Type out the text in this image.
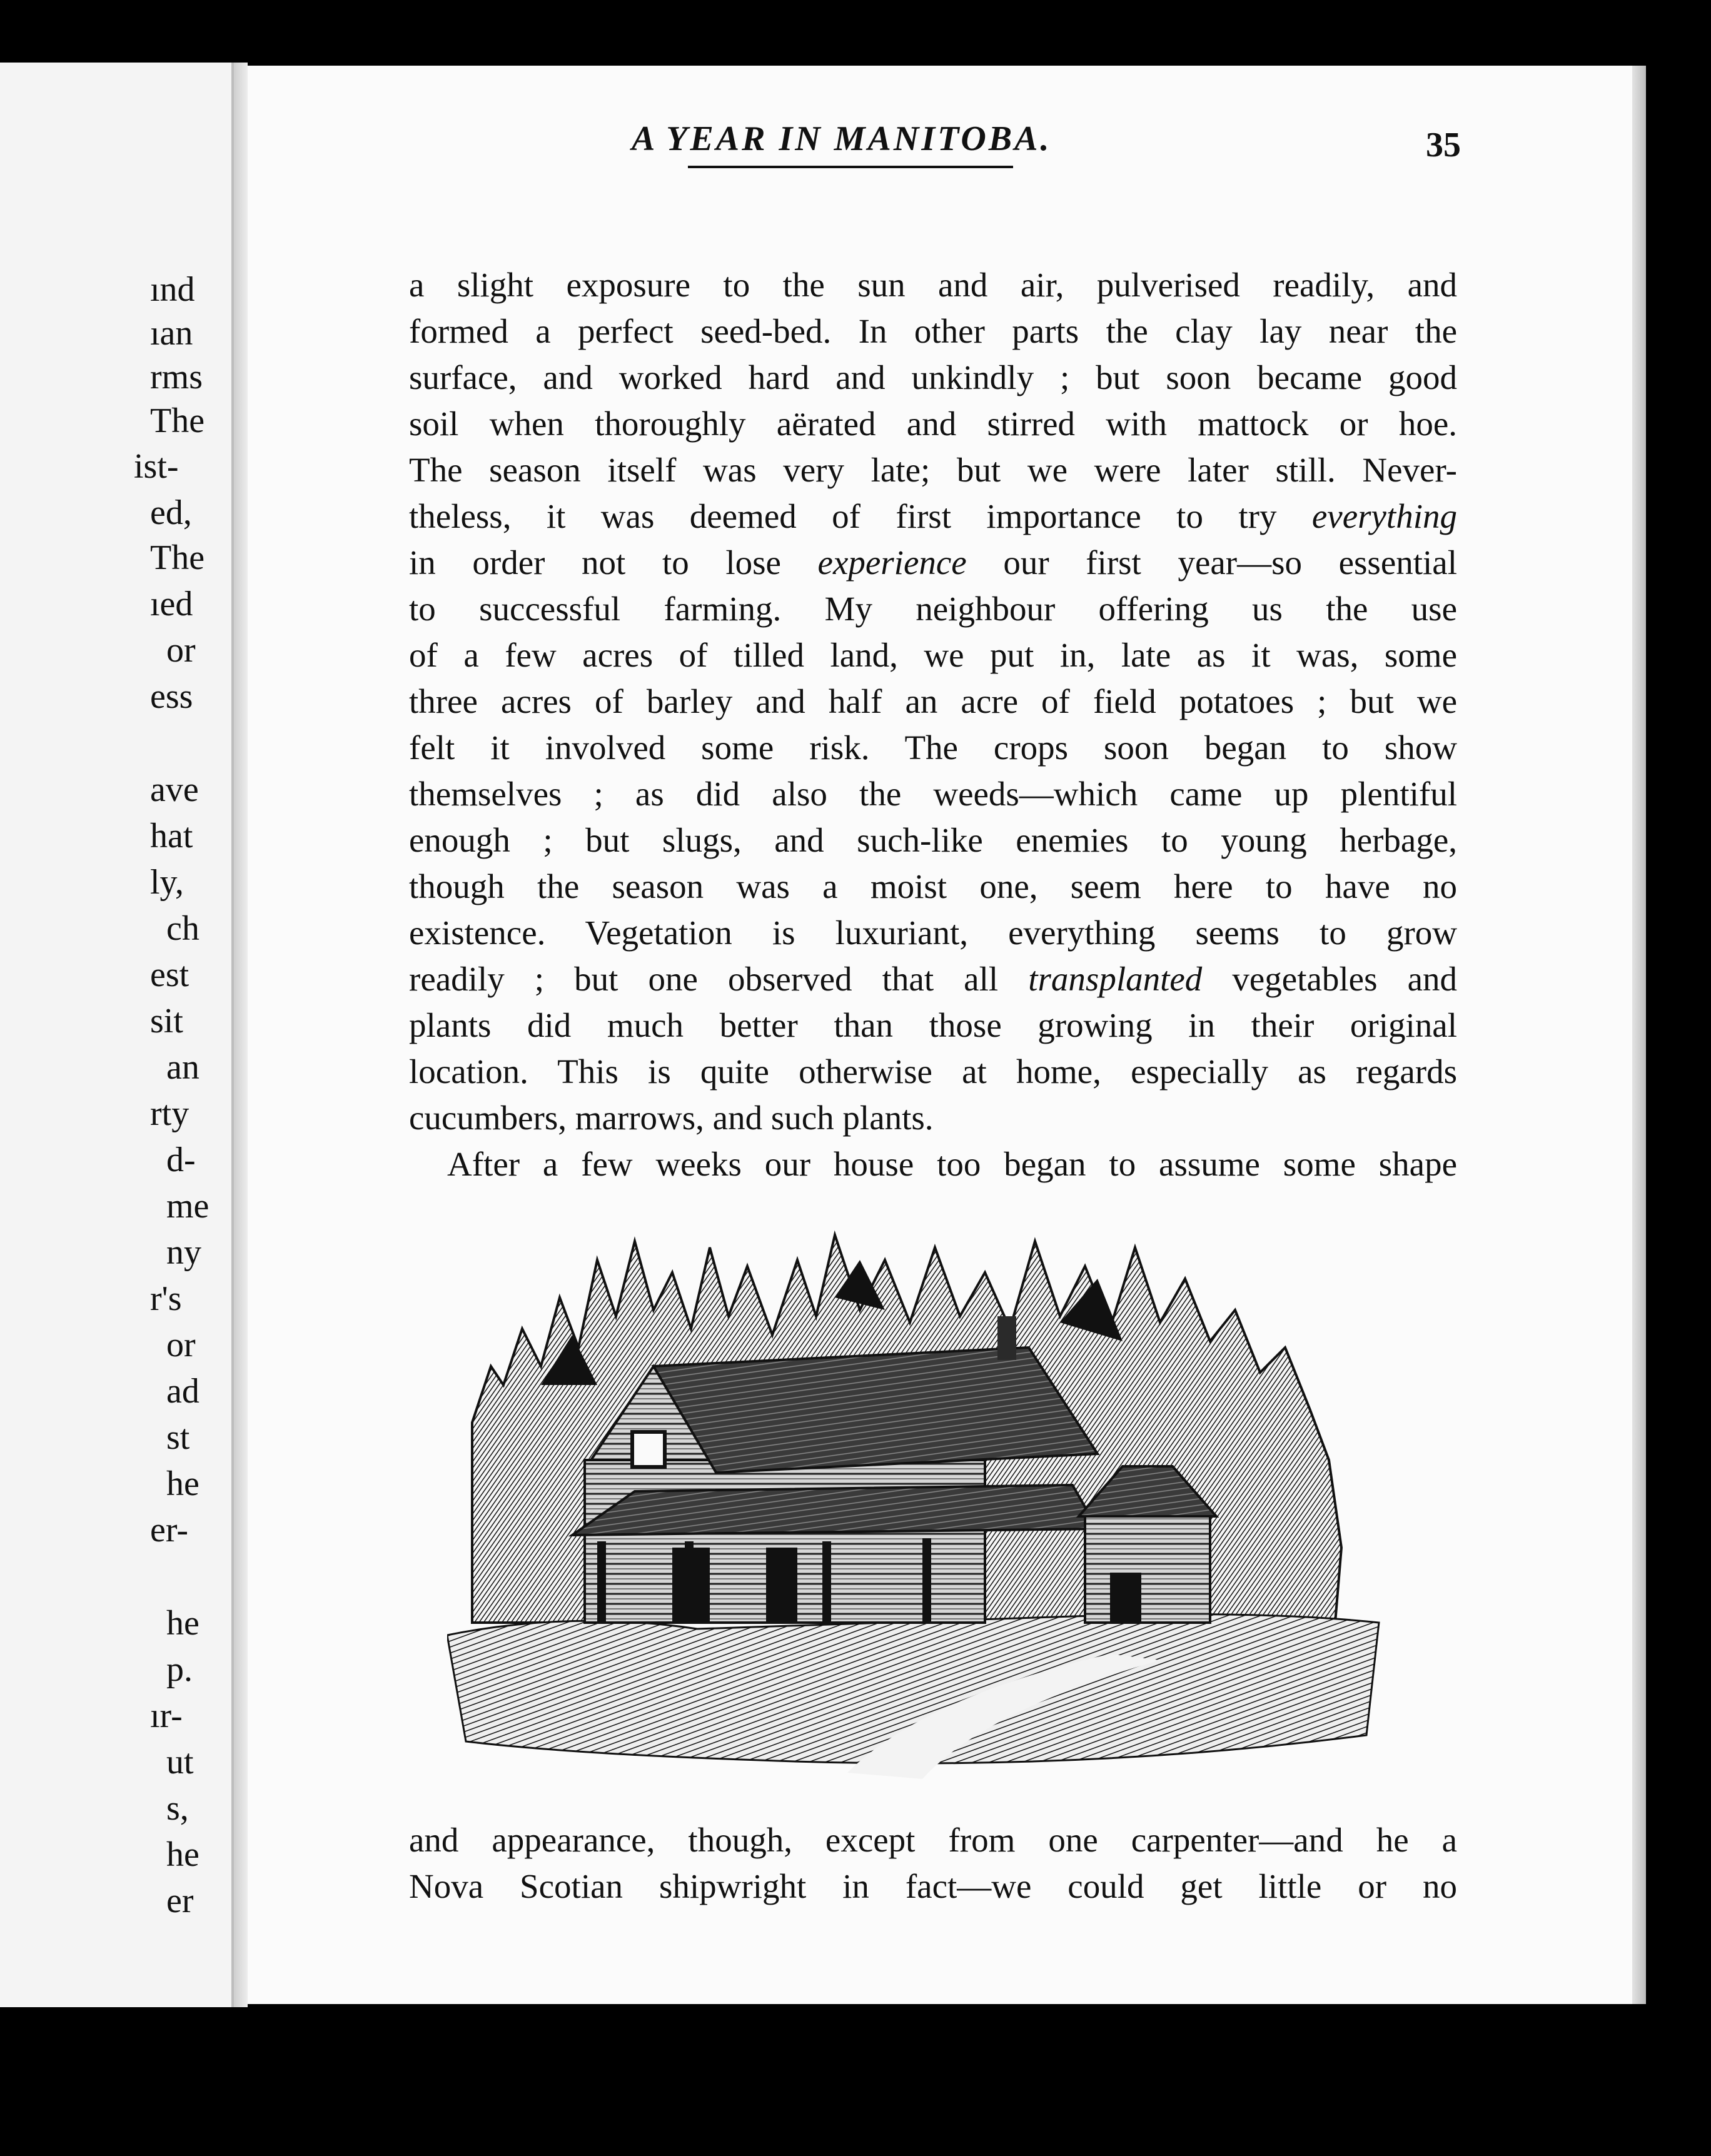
A YEAR IN MANITOBA.	35
a slight exposure to the sun and air, pulverised readily, and
formed a perfect seed-bed. In other parts the clay lay near the
surface, and worked hard and unkindly ; but soon became good
soil when thoroughly aërated and stirred with mattock or hoe.
The season itself was very late; but we were later still. Never-
theless, it was deemed of first importance to try everything
in order not to lose experience our first year—so essential
to successful farming. My neighbour offering us the use
of a few acres of tilled land, we put in, late as it was, some
three acres of barley and half an acre of field potatoes ; but we
felt it involved some risk. The crops soon began to show
themselves ; as did also the weeds—which came up plentiful
enough ; but slugs, and such-like enemies to young herbage,
though the season was a moist one, seem here to have no
existence. Vegetation is luxuriant, everything seems to grow
readily ; but one observed that all transplanted vegetables and
plants did much better than those growing in their original
location. This is quite otherwise at home, especially as regards
cucumbers, marrows, and such plants.
After a few weeks our house too began to assume some shape
and appearance, though, except from one carpenter—and he a
Nova Scotian shipwright in fact—we could get little or no
ınd
ıan
rms
The
ist-
ed,
The
ıed
or
ess
ave
hat
ly,
ch
est
sit
an
rty
d-
me
ny
r's
or
ad
st
he
er-
he
p.
ır-
ut
s,
he
er
